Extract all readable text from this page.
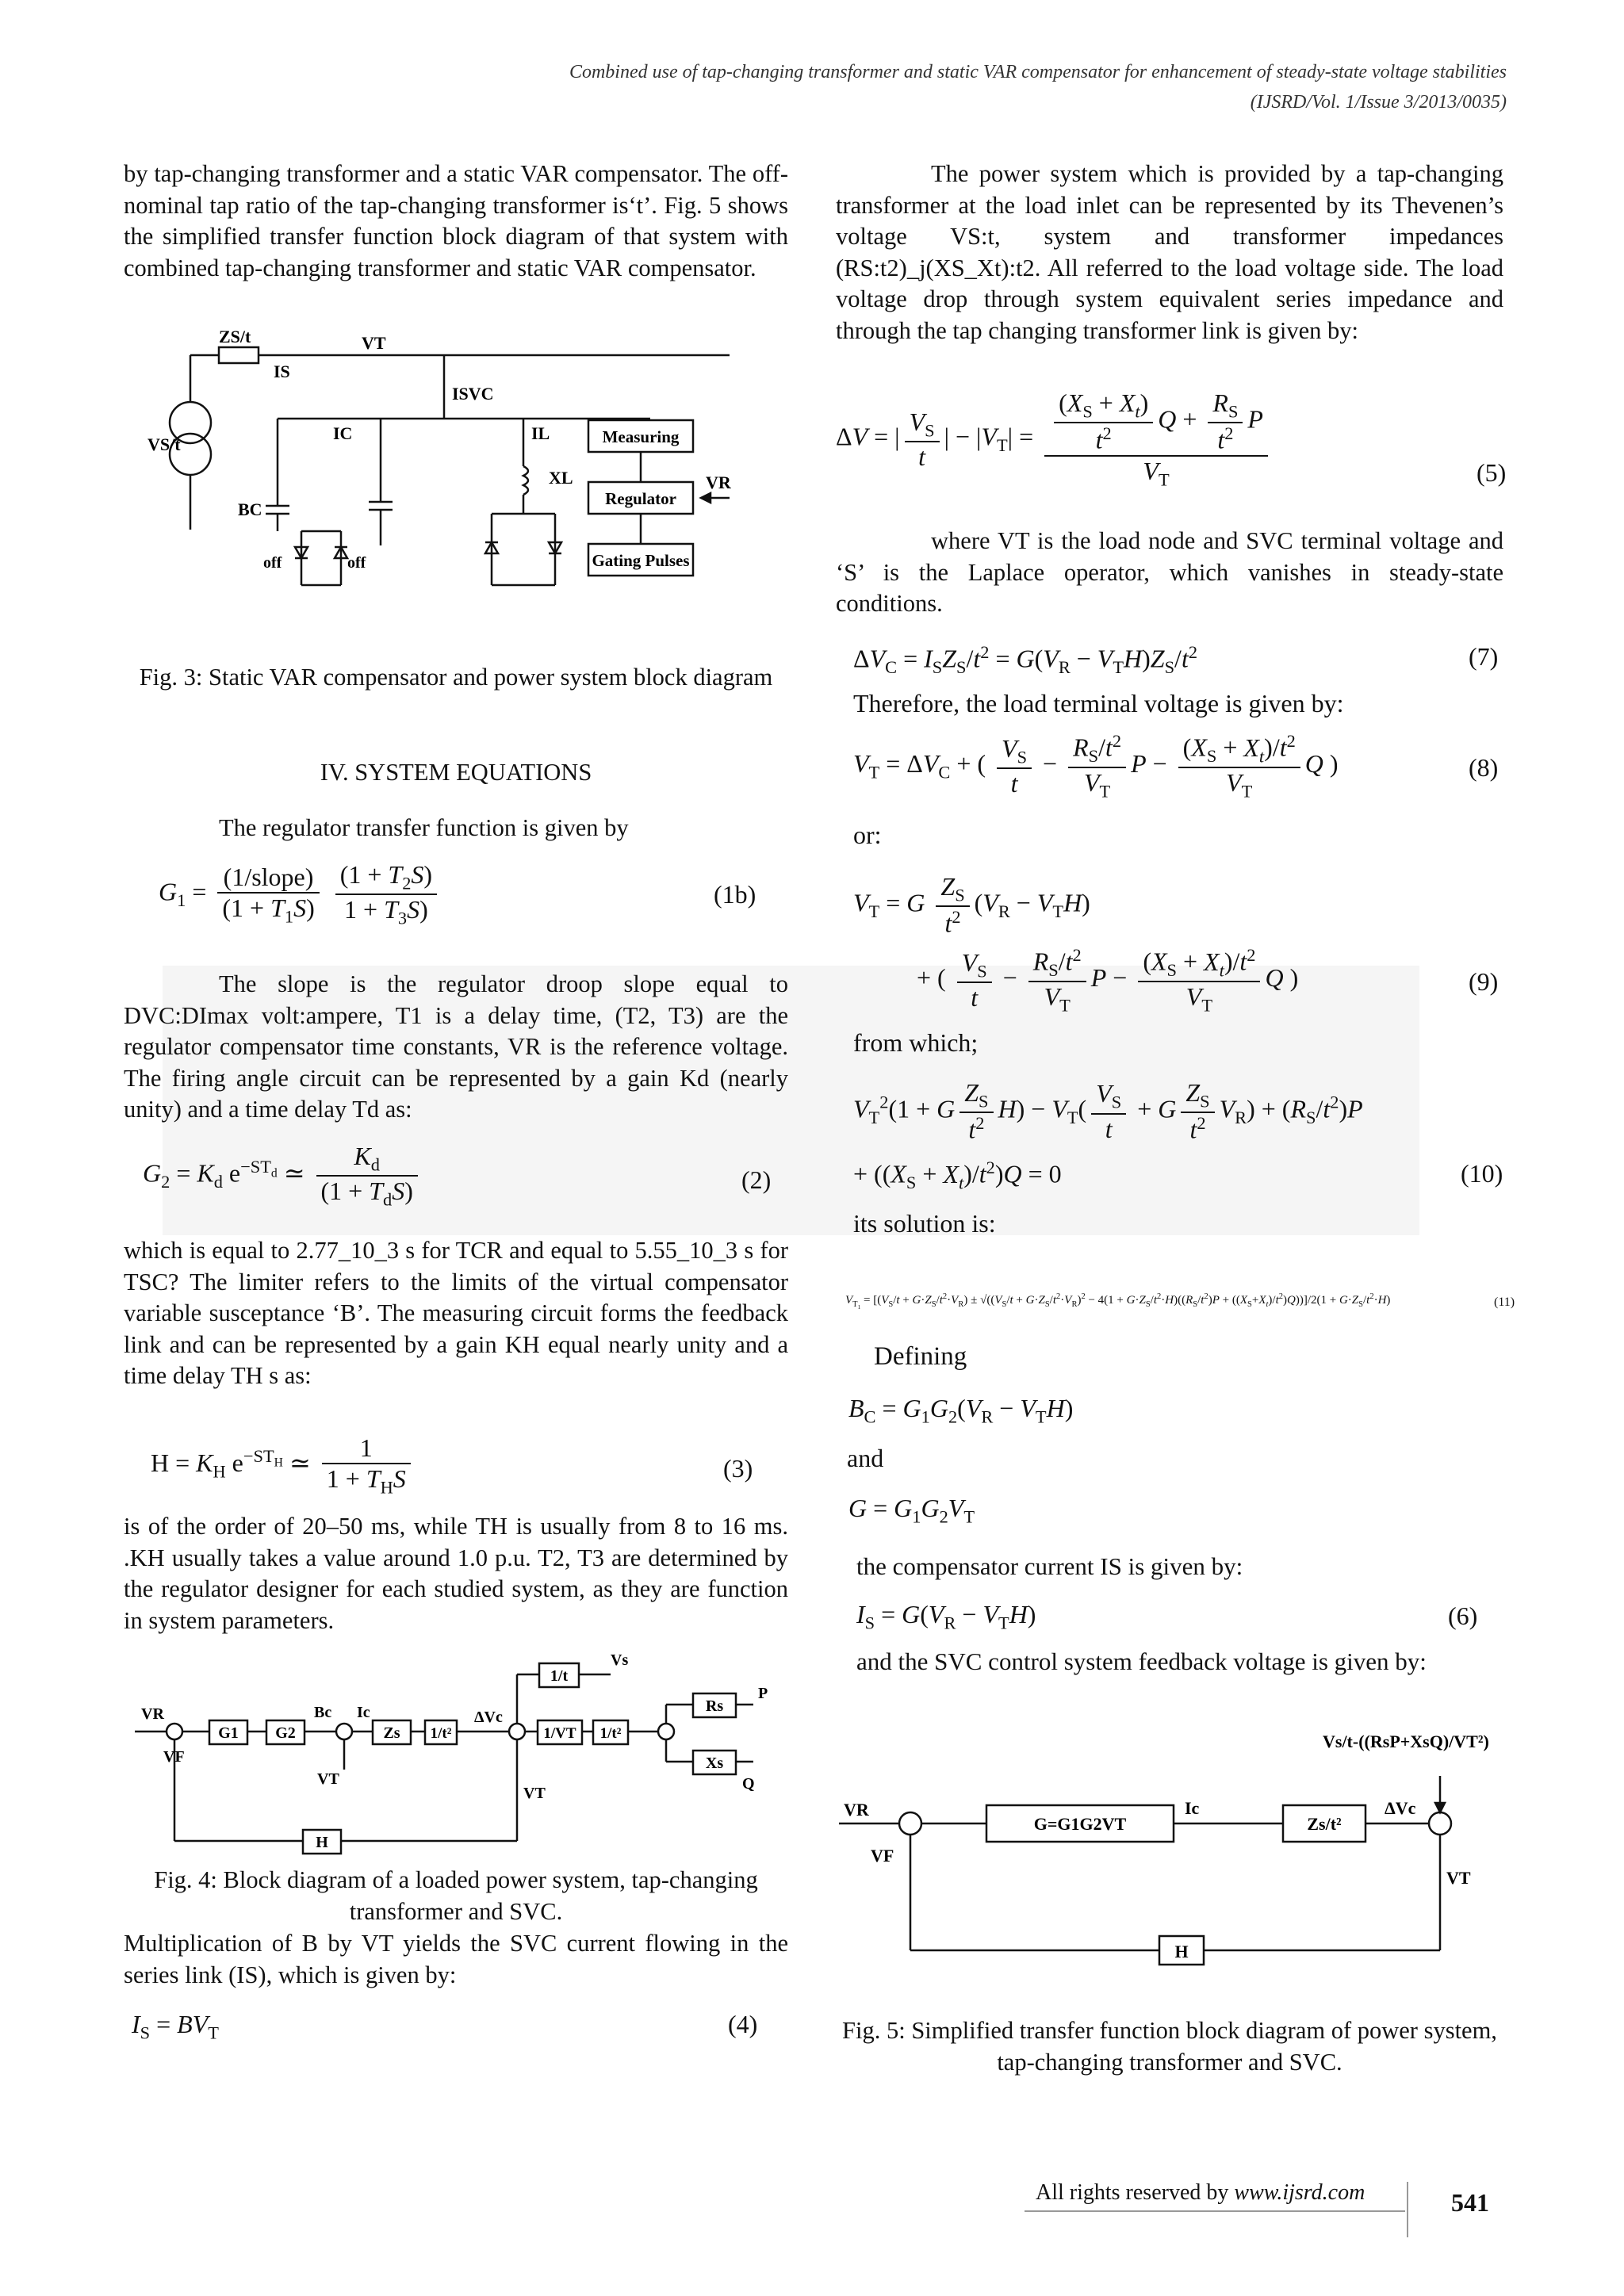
Combined use of tap-changing transformer and static VAR compensator for enhancement of steady-state voltage stabilities
(IJSRD/Vol. 1/Issue 3/2013/0035)
by tap-changing transformer and a static VAR compensator. The off-nominal tap ratio of the tap-changing transformer is‘t’. Fig. 5 shows the simplified transfer function block diagram of that system with combined tap-changing transformer and static VAR compensator.
ZS/t	VT
IS
ISVC
VS/t
IC	IL
XL
BC
off	off
VR
Measuring
Regulator
Gating Pulses
Fig. 3: Static VAR compensator and power system block diagram
IV. SYSTEM EQUATIONS
The regulator transfer function is given by
$G_1 = \frac{\text{(1/slope)}}{(1 + T_1S)}$
$\frac{(1 + T_2S)}{1 + T_3S)}$	(1b)
The slope is the regulator droop slope equal to DVC:DImax volt:ampere, T1 is a delay time, (T2, T3) are the regulator compensator time constants, VR is the reference voltage. The firing angle circuit can be represented by a gain Kd (nearly unity) and a time delay Td as:
$G_2 = K_d$ $e^{-ST_d}$ ≃ $\frac{K_d}{(1 + T_dS)}$	(2)
which is equal to 2.77_10_3 s for TCR and equal to 5.55_10_3 s for TSC? The limiter refers to the limits of the virtual compensator variable susceptance ‘B’. The measuring circuit forms the feedback link and can be represented by a gain KH equal nearly unity and a time delay TH s as:
$H = K_H$ $e^{-ST_H}$ ≃ $\frac{1}{1 + T_HS}$	(3)
is of the order of 20–50 ms, while TH is usually from 8 to 16 ms. .KH usually takes a value around 1.0 p.u. T2, T3 are determined by the regulator designer for each studied system, as they are function in system parameters.
VR
VF
G1 G2
Bc Ic
VT
Zs 1/t²
ΔVc
1/t
Vs
1/VT 1/t²
Rs
Xs
P
Q
VT
H
Fig. 4: Block diagram of a loaded power system, tap-changing transformer and SVC.
Multiplication of B by VT yields the SVC current flowing in the series link (IS), which is given by:
$I_S = BV_T$	(4)
The power system which is provided by a tap-changing transformer at the load inlet can be represented by its Thevenen’s voltage VS:t, system and transformer impedances (RS:t2)_j(XS_Xt):t2. All referred to the load voltage side. The load voltage drop through system equivalent series impedance and through the tap changing transformer link is given by:
ΔV = | $\frac{V_S}{t}$ | − $|V_T| = \frac{\frac{(X_S + X_t)}{t^2} Q + \frac{R_S}{t^2} P}{V_T}$	(5)
where VT is the load node and SVC terminal voltage and ‘S’ is the Laplace operator, which vanishes in steady-state conditions.
$\Delta V_C = I_SZ_S/t^2 = G(V_R - V_TH)Z_S/t^2$	(7)
Therefore, the load terminal voltage is given by:
$V_T = \Delta V_C$ + ( $\frac{V_S}{t} - \frac{R_S/t^2}{V_T}$ $P - \frac{(X_S + X_t)/t^2}{V_T}$ Q )	(8)
or:
$V_T = G \frac{Z_S}{t^2} (V_R - V_TH)$
+ ( $\frac{V_S}{t} - \frac{R_S/t^2}{V_T}$ $P - \frac{(X_S + X_t)/t^2}{V_T}$ Q )	(9)
from which;
$V_T^2(1 + G \frac{Z_S}{t^2} H) - V_T( \frac{V_S}{t} + G \frac{Z_S}{t^2} V_R) + (R_S/t^2)P$
+ $((X_S + X_t)/t^2)Q = 0$	(10)
its solution is:
$V_{T_1} = [(V_S/t + G\cdot Z_S/t^2\cdot V_R) \pm √((V_S/t + G\cdot Z_S/t^2\cdot V_R)^2 - 4(1 + G\cdot Z_S/t^2\cdot H)((R_S/t^2)P + ((X_S+X_t)/t^2)Q))]/2(1 + G\cdot Z_S/t^2\cdot H)$	(11)
Defining
$B_C = G_1G_2(V_R - V_TH)$
and
$G = G_1G_2V_T$
the compensator current IS is given by:
$I_S = G(V_R - V_TH)$	(6)
and the SVC control system feedback voltage is given by:
Vs/t-((RsP+XsQ)/VT²)
VR
VF
G=G1G2VT
Ic
Zs/t²
ΔVc
VT
H
Fig. 5: Simplified transfer function block diagram of power system, tap-changing transformer and SVC.
All rights reserved by www.ijsrd.com	541
